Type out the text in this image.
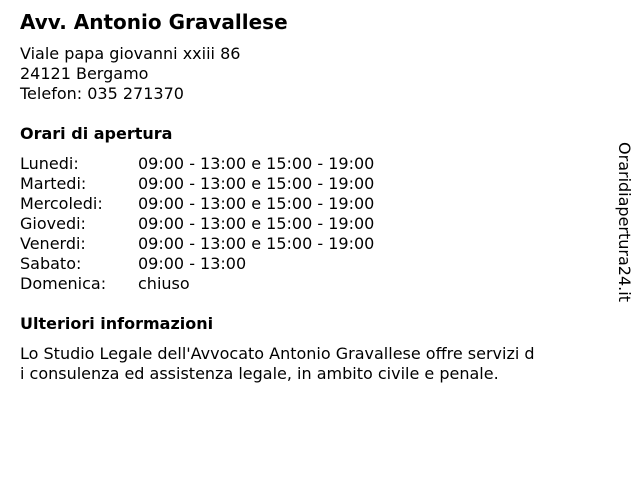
Avv. Antonio Gravallese
Viale papa giovanni xxiii 86
24121 Bergamo
Telefon: 035 271370
Orari di apertura
Lunedi:	09:00 - 13:00 e 15:00 - 19:00
Martedi:	09:00 - 13:00 e 15:00 - 19:00
Mercoledi:	09:00 - 13:00 e 15:00 - 19:00
Giovedi:	09:00 - 13:00 e 15:00 - 19:00
Venerdi:	09:00 - 13:00 e 15:00 - 19:00
Sabato:	09:00 - 13:00
Domenica:	chiuso
Ulteriori informazioni
Lo Studio Legale dell'Avvocato Antonio Gravallese offre servizi d
i consulenza ed assistenza legale, in ambito civile e penale.
Oraridiapertura24.it
